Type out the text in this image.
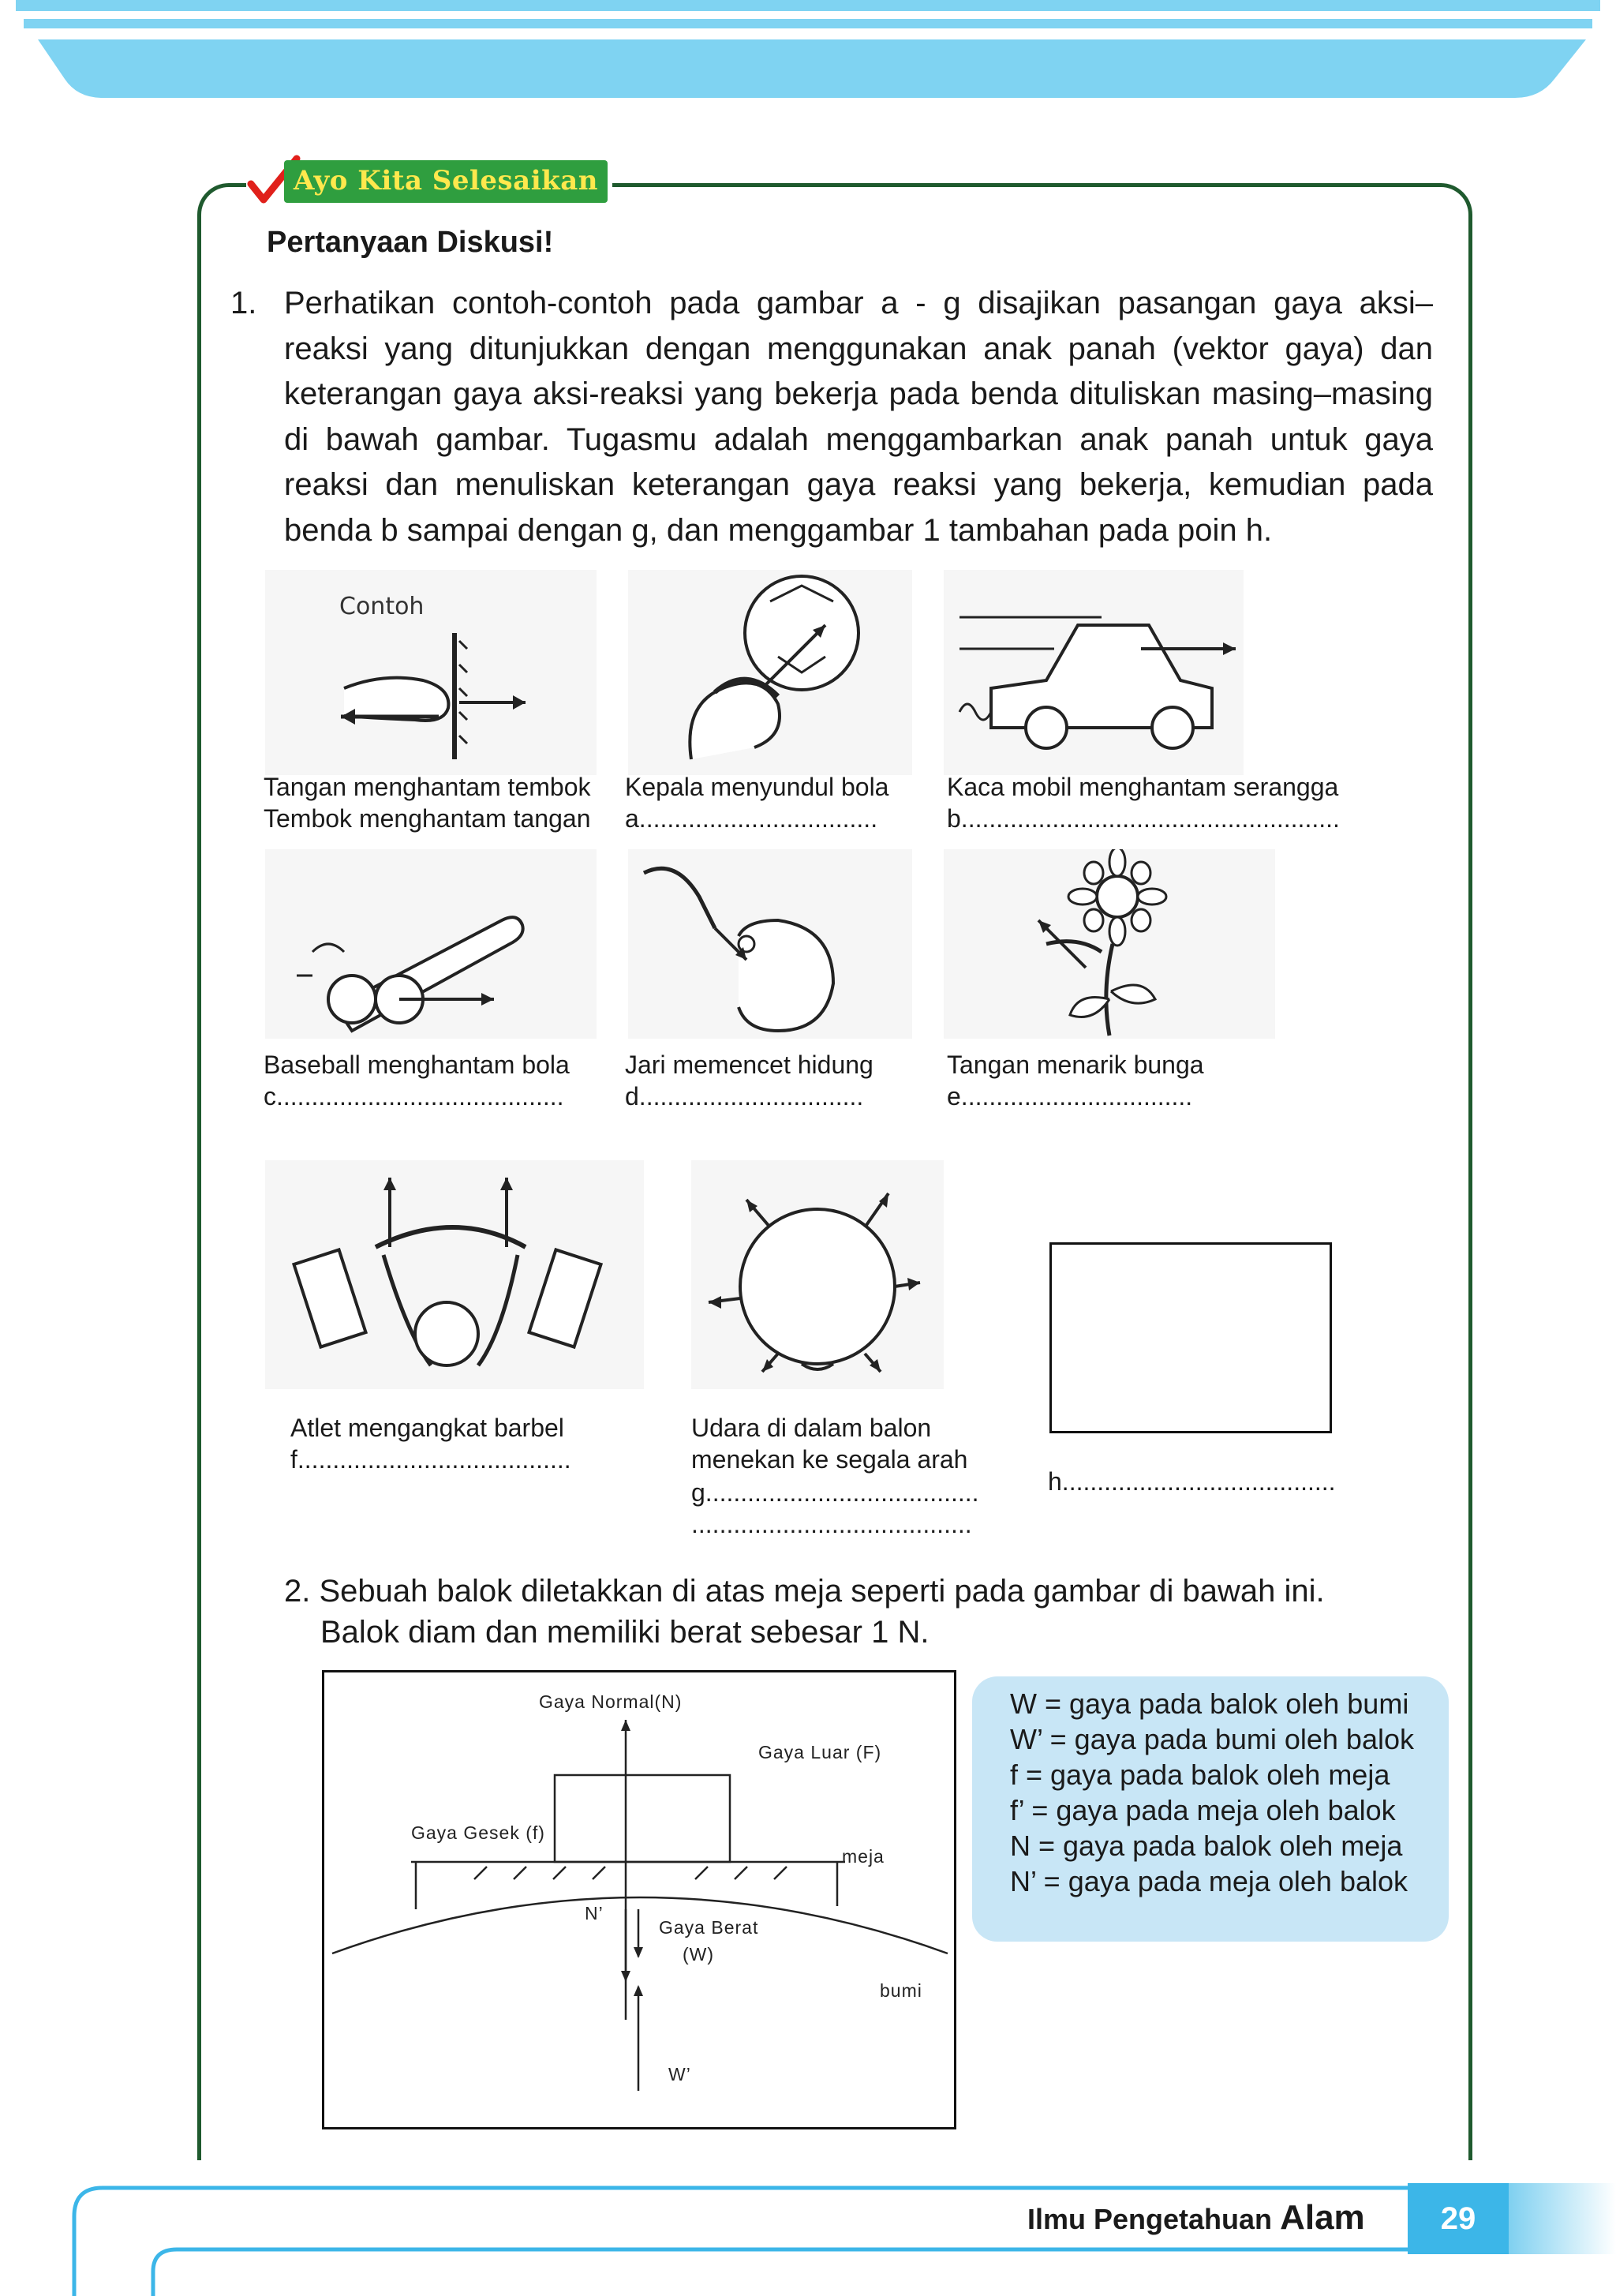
Ayo Kita Selesaikan
Pertanyaan Diskusi!
1. Perhatikan contoh-contoh pada gambar a - g disajikan pasangan gaya aksi–reaksi yang ditunjukkan dengan menggunakan anak panah (vektor gaya) dan keterangan gaya aksi-reaksi yang bekerja pada benda dituliskan masing–masing di bawah gambar. Tugasmu adalah menggambarkan anak panah untuk gaya reaksi dan menuliskan keterangan gaya reaksi yang bekerja, kemudian pada benda b sampai dengan g, dan menggambar 1 tambahan pada poin h.
Contoh
Tangan menghantam tembok
Tembok menghantam tangan
Kepala menyundul bola
a..................................
Kaca mobil menghantam serangga
b......................................................
Baseball menghantam bola
c.........................................
Jari memencet hidung
d................................
Tangan menarik bunga
e.................................
Atlet mengangkat barbel
f.......................................
Udara di dalam balon
menekan ke segala arah
g.......................................
........................................
h.......................................
2. Sebuah balok diletakkan di atas meja seperti pada gambar di bawah ini.
Balok diam dan memiliki berat sebesar 1 N.
Gaya Normal(N)
Gaya Luar (F)
Gaya Gesek (f)
meja
N’
Gaya Berat
(W)
bumi
W’
W = gaya pada balok oleh bumi
W’ = gaya pada bumi oleh balok
f = gaya pada balok oleh meja
f’ = gaya pada meja oleh balok
N = gaya pada balok oleh meja
N’ = gaya pada meja oleh balok
Ilmu Pengetahuan Alam	29
